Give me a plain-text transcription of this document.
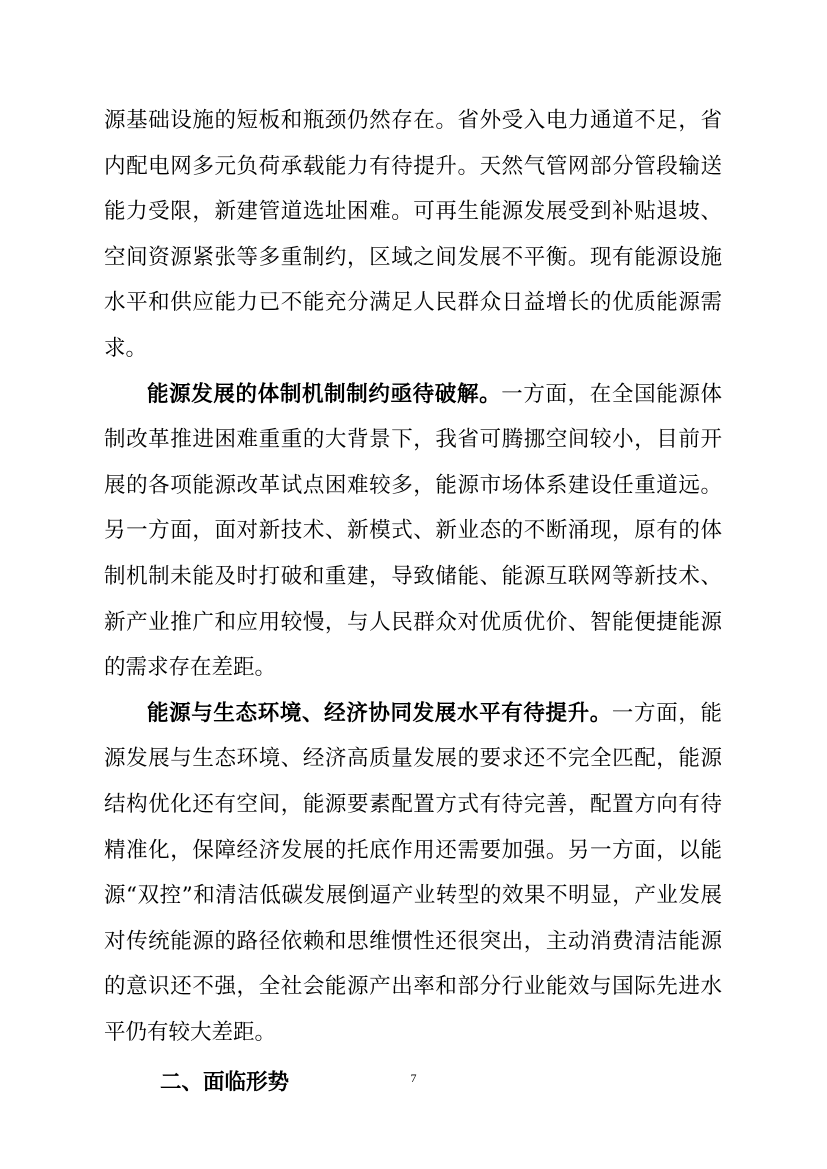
源基础设施的短板和瓶颈仍然存在。省外受入电力通道不足，省内配电网多元负荷承载能力有待提升。天然气管网部分管段输送能力受限，新建管道选址困难。可再生能源发展受到补贴退坡、空间资源紧张等多重制约，区域之间发展不平衡。现有能源设施水平和供应能力已不能充分满足人民群众日益增长的优质能源需求。

能源发展的体制机制制约亟待破解。一方面，在全国能源体制改革推进困难重重的大背景下，我省可腾挪空间较小，目前开展的各项能源改革试点困难较多，能源市场体系建设任重道远。另一方面，面对新技术、新模式、新业态的不断涌现，原有的体制机制未能及时打破和重建，导致储能、能源互联网等新技术、新产业推广和应用较慢，与人民群众对优质优价、智能便捷能源的需求存在差距。

能源与生态环境、经济协同发展水平有待提升。一方面，能源发展与生态环境、经济高质量发展的要求还不完全匹配，能源结构优化还有空间，能源要素配置方式有待完善，配置方向有待精准化，保障经济发展的托底作用还需要加强。另一方面，以能源“双控”和清洁低碳发展倒逼产业转型的效果不明显，产业发展对传统能源的路径依赖和思维惯性还很突出，主动消费清洁能源的意识还不强，全社会能源产出率和部分行业能效与国际先进水平仍有较大差距。

二、面临形势	7
